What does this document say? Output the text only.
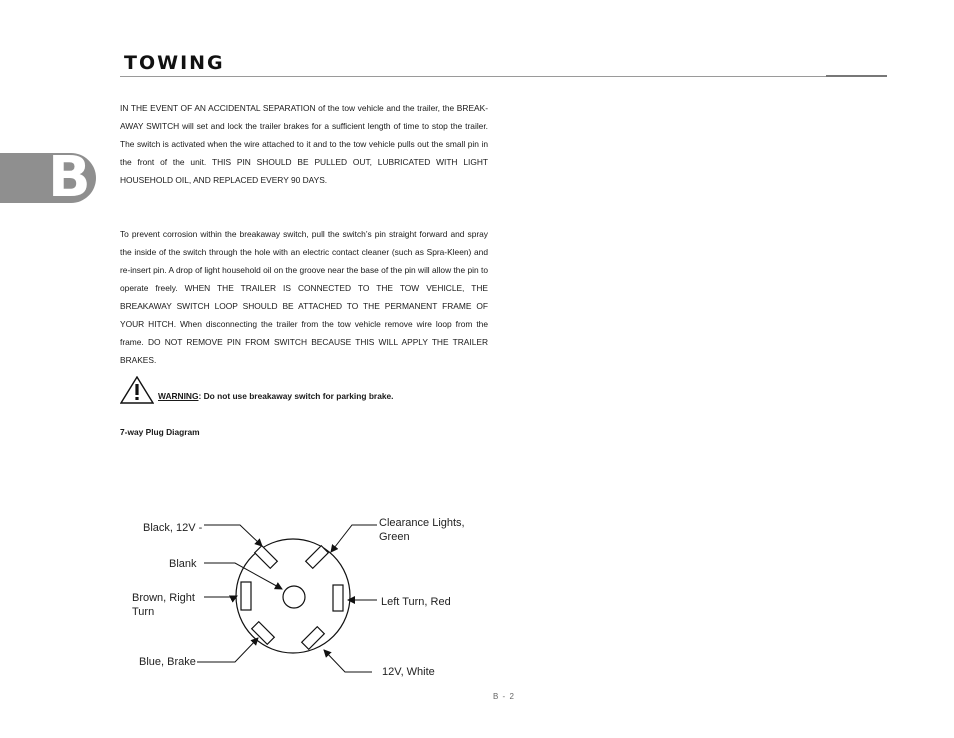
TOWING
B
IN THE EVENT OF AN ACCIDENTAL SEPARATION of the tow vehicle and the trailer, the BREAK-AWAY SWITCH will set and lock the trailer brakes for a sufficient length of time to stop the trailer. The switch is activated when the wire attached to it and to the tow vehicle pulls out the small pin in the front of the unit. THIS PIN SHOULD BE PULLED OUT, LUBRICATED WITH LIGHT HOUSEHOLD OIL, AND REPLACED EVERY 90 DAYS.
To prevent corrosion within the breakaway switch, pull the switch’s pin straight forward and spray the inside of the switch through the hole with an electric contact cleaner (such as Spra-Kleen) and re-insert pin. A drop of light household oil on the groove near the base of the pin will allow the pin to operate freely. WHEN THE TRAILER IS CONNECTED TO THE TOW VEHICLE, THE BREAKAWAY SWITCH LOOP SHOULD BE ATTACHED TO THE PERMANENT FRAME OF YOUR HITCH. When disconnecting the trailer from the tow vehicle remove wire loop from the frame. DO NOT REMOVE PIN FROM SWITCH BECAUSE THIS WILL APPLY THE TRAILER BRAKES.
WARNING: Do not use breakaway switch for parking brake.
7-way Plug Diagram
Black, 12V -
Blank
Brown, Right
Turn
Blue, Brake
Clearance Lights,
Green
Left Turn, Red
12V, White
B - 2
